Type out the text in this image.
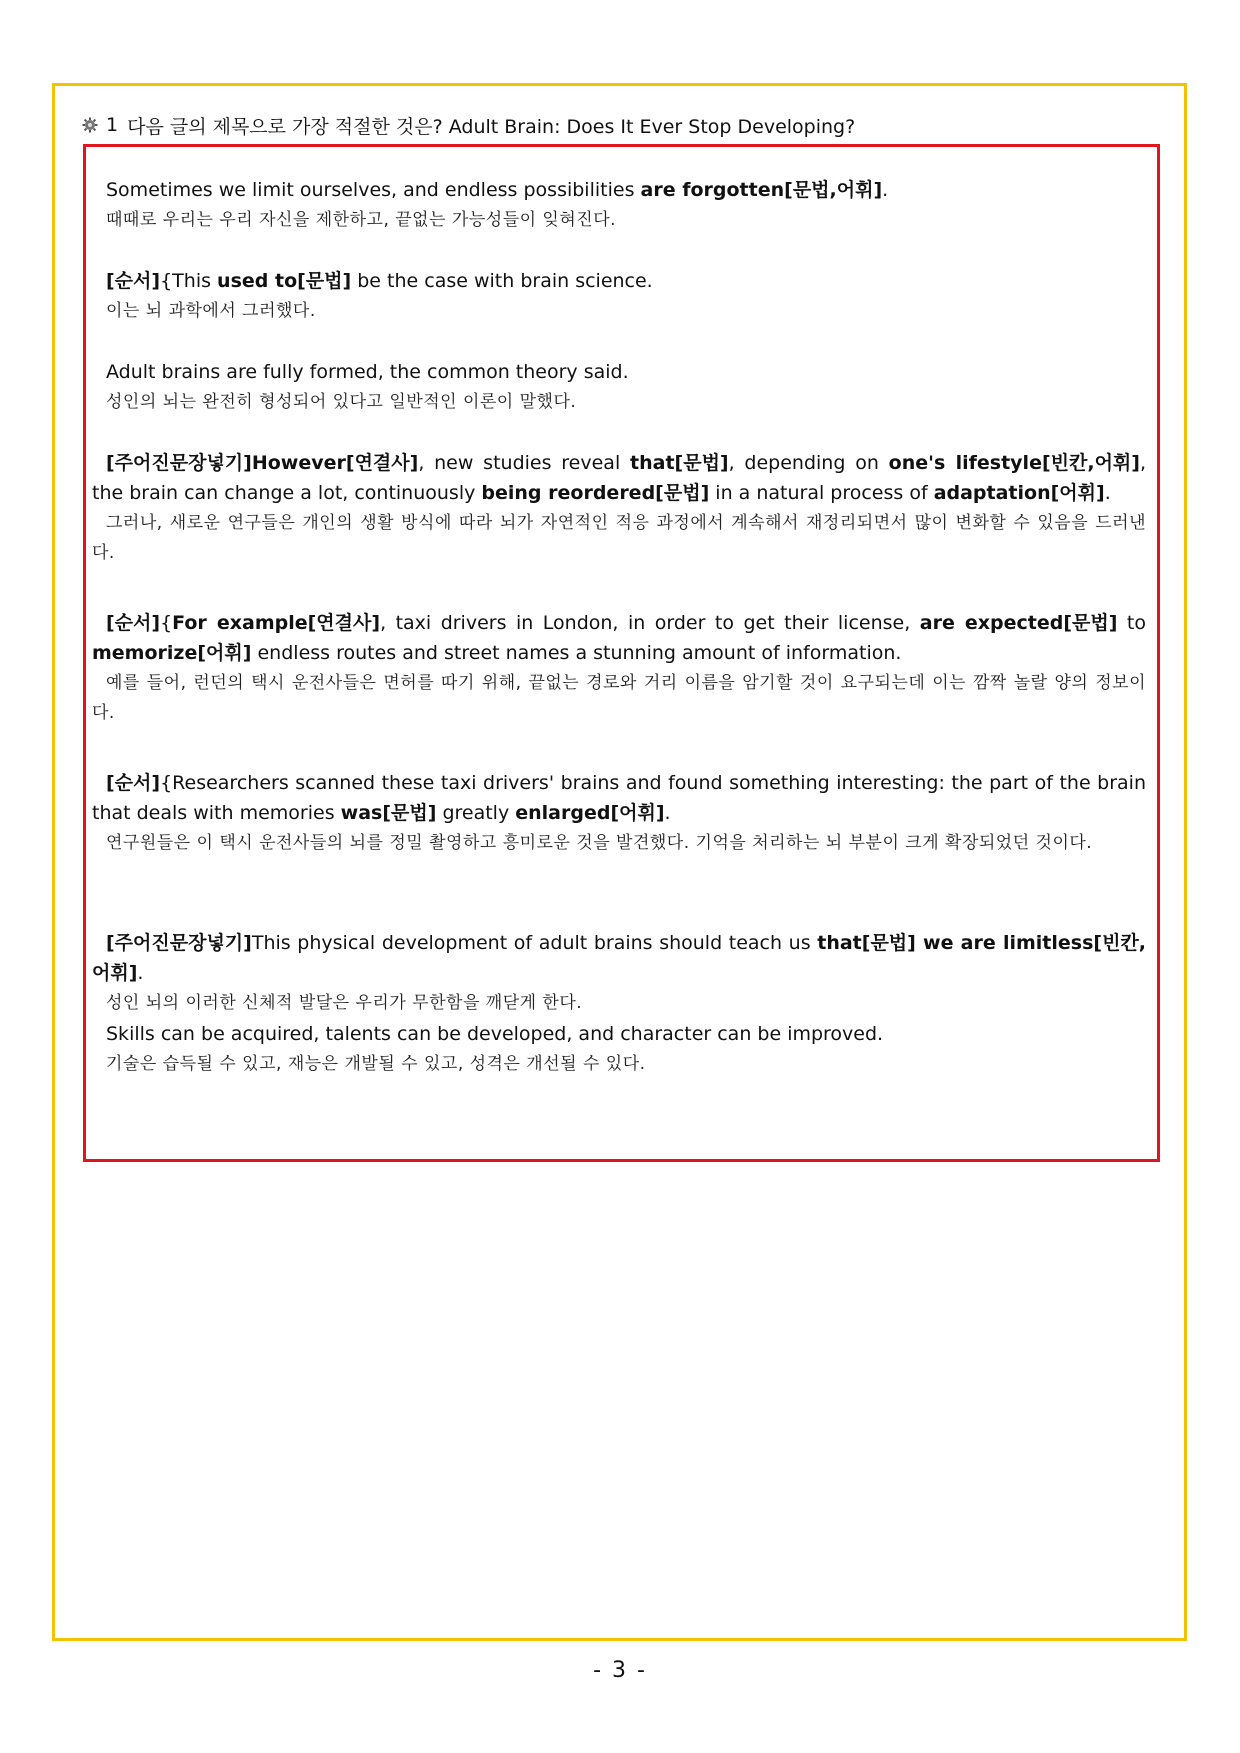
1 다음 글의 제목으로 가장 적절한 것은? Adult Brain: Does It Ever Stop Developing?
Sometimes we limit ourselves, and endless possibilities are forgotten[문법,어휘].
때때로 우리는 우리 자신을 제한하고, 끝없는 가능성들이 잊혀진다.
[순서]{This used to[문법] be the case with brain science.
이는 뇌 과학에서 그러했다.
Adult brains are fully formed, the common theory said.
성인의 뇌는 완전히 형성되어 있다고 일반적인 이론이 말했다.
[주어진문장넣기]However[연결사], new studies reveal that[문법], depending on one's lifestyle[빈칸,어휘], the brain can change a lot, continuously being reordered[문법] in a natural process of adaptation[어휘].
그러나, 새로운 연구들은 개인의 생활 방식에 따라 뇌가 자연적인 적응 과정에서 계속해서 재정리되면서 많이 변화할 수 있음을 드러낸다.
[순서]{For example[연결사], taxi drivers in London, in order to get their license, are expected[문법] to memorize[어휘] endless routes and street names a stunning amount of information.
예를 들어, 런던의 택시 운전사들은 면허를 따기 위해, 끝없는 경로와 거리 이름을 암기할 것이 요구되는데 이는 깜짝 놀랄 양의 정보이다.
[순서]{Researchers scanned these taxi drivers' brains and found something interesting: the part of the brain that deals with memories was[문법] greatly enlarged[어휘].
연구원들은 이 택시 운전사들의 뇌를 정밀 촬영하고 흥미로운 것을 발견했다. 기억을 처리하는 뇌 부분이 크게 확장되었던 것이다.
[주어진문장넣기]This physical development of adult brains should teach us that[문법] we are limitless[빈칸,어휘].
성인 뇌의 이러한 신체적 발달은 우리가 무한함을 깨닫게 한다.
Skills can be acquired, talents can be developed, and character can be improved.
기술은 습득될 수 있고, 재능은 개발될 수 있고, 성격은 개선될 수 있다.
- 3 -
